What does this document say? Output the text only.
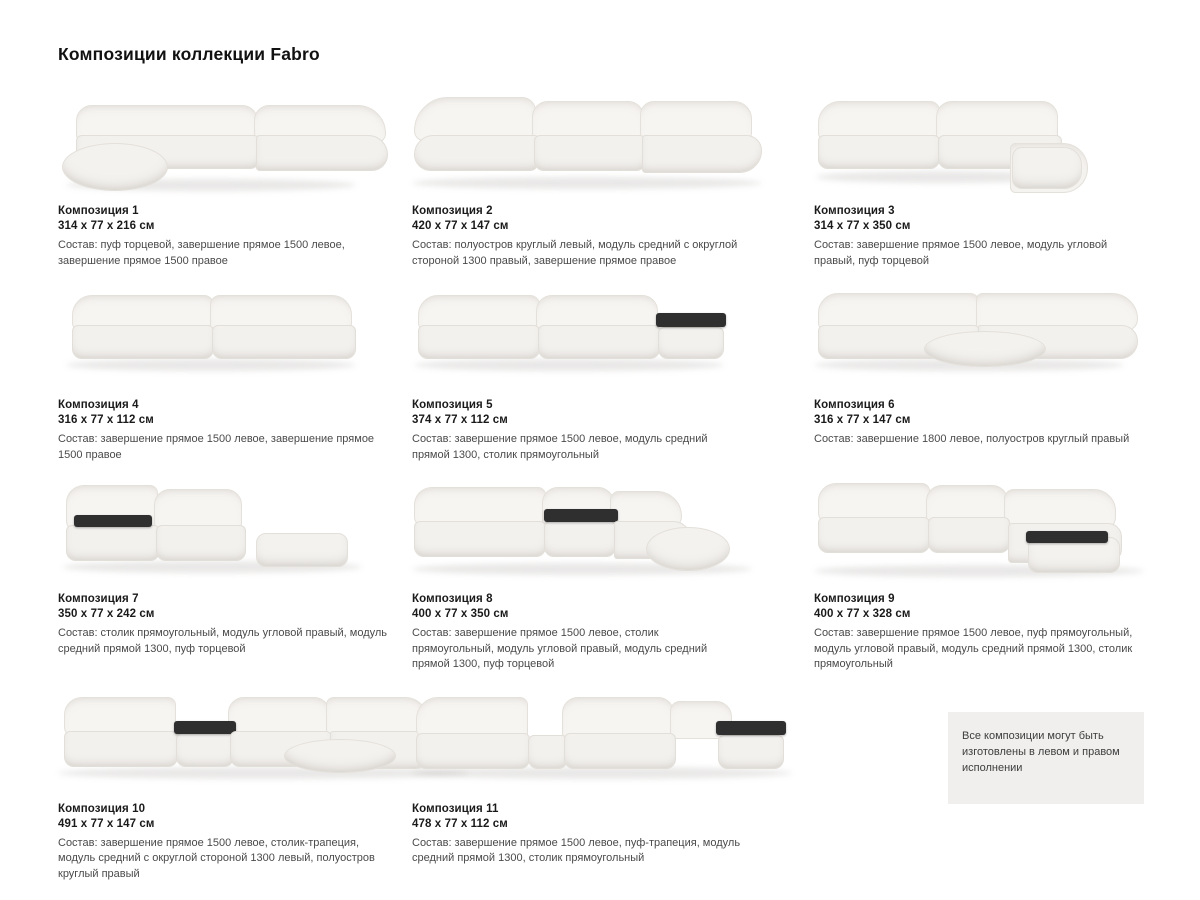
Композиции коллекции Fabro
Композиция 1
314 х 77 х 216 см
Состав: пуф торцевой, завершение прямое 1500 левое, завершение прямое 1500 правое
Композиция 2
420 х 77 х 147 см
Состав: полуостров круглый левый, модуль средний с округлой стороной 1300 правый, завершение прямое правое
Композиция 3
314 х 77 х 350 см
Состав: завершение прямое 1500 левое, модуль угловой правый, пуф торцевой
Композиция 4
316 х 77 х 112 см
Состав: завершение прямое 1500 левое, завершение прямое 1500 правое
Композиция 5
374 х 77 х 112 см
Состав: завершение прямое 1500 левое, модуль средний прямой 1300, столик прямоугольный
Композиция 6
316 х 77 х 147 см
Состав: завершение 1800 левое, полуостров круглый правый
Композиция 7
350 х 77 х 242 см
Состав: столик прямоугольный, модуль угловой правый, модуль средний прямой 1300, пуф торцевой
Композиция 8
400 х 77 х 350 см
Состав: завершение прямое 1500 левое, столик прямоугольный, модуль угловой правый, модуль средний прямой 1300, пуф торцевой
Композиция 9
400 х 77 х 328 см
Состав: завершение прямое 1500 левое, пуф прямоугольный, модуль угловой правый, модуль средний прямой 1300, столик прямоугольный
Композиция 10
491 х 77 х 147 см
Состав: завершение прямое 1500 левое, столик-трапеция, модуль средний с округлой стороной 1300 левый, полуостров круглый правый
Композиция 11
478 х 77 х 112 см
Состав: завершение прямое 1500 левое, пуф-трапеция, модуль средний прямой 1300, столик прямоугольный

Все композиции могут быть изготовлены в левом и правом исполнении
